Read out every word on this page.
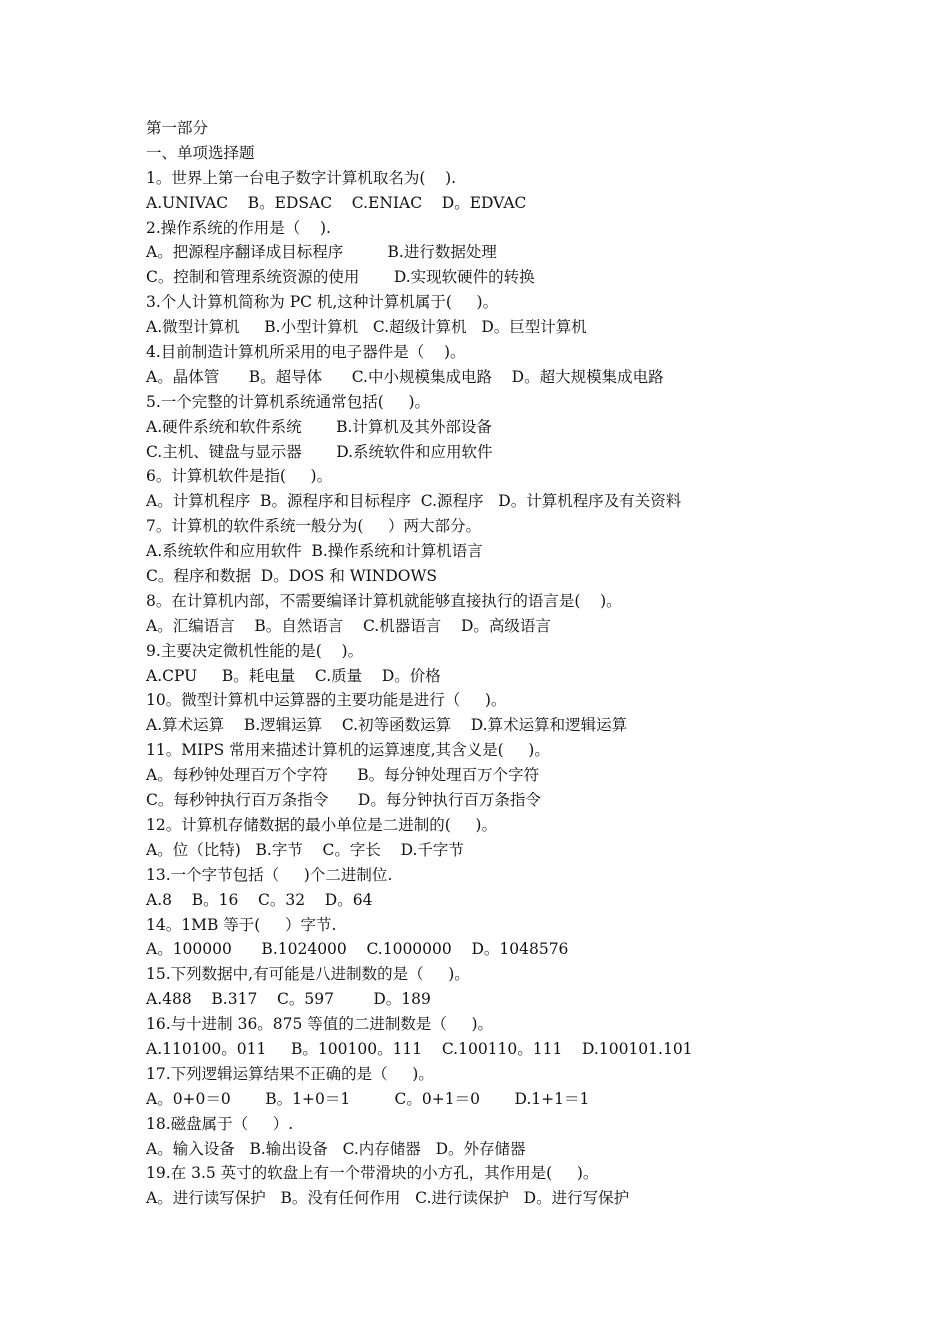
第一部分
一、单项选择题
1。世界上第一台电子数字计算机取名为(    ).
A.UNIVAC    B。EDSAC    C.ENIAC    D。EDVAC
2.操作系统的作用是（    ).
A。把源程序翻译成目标程序         B.进行数据处理
C。控制和管理系统资源的使用       D.实现软硬件的转换
3.个人计算机简称为 PC 机,这种计算机属于(     )。
A.微型计算机     B.小型计算机   C.超级计算机   D。巨型计算机
4.目前制造计算机所采用的电子器件是（    )。
A。晶体管      B。超导体      C.中小规模集成电路    D。超大规模集成电路
5.一个完整的计算机系统通常包括(     )。
A.硬件系统和软件系统       B.计算机及其外部设备
C.主机、键盘与显示器       D.系统软件和应用软件
6。计算机软件是指(     )。
A。计算机程序  B。源程序和目标程序  C.源程序   D。计算机程序及有关资料
7。计算机的软件系统一般分为(     ）两大部分。
A.系统软件和应用软件  B.操作系统和计算机语言
C。程序和数据  D。DOS 和 WINDOWS
8。在计算机内部，不需要编译计算机就能够直接执行的语言是(    )。
A。汇编语言    B。自然语言    C.机器语言    D。高级语言
9.主要决定微机性能的是(    )。
A.CPU     B。耗电量    C.质量    D。价格
10。微型计算机中运算器的主要功能是进行（     )。
A.算术运算    B.逻辑运算    C.初等函数运算    D.算术运算和逻辑运算
11。MIPS 常用来描述计算机的运算速度,其含义是(     )。
A。每秒钟处理百万个字符      B。每分钟处理百万个字符
C。每秒钟执行百万条指令      D。每分钟执行百万条指令
12。计算机存储数据的最小单位是二进制的(     )。
A。位（比特)   B.字节    C。字长    D.千字节
13.一个字节包括（     )个二进制位.
A.8    B。16    C。32    D。64
14。1MB 等于(     ）字节.
A。100000      B.1024000    C.1000000    D。1048576
15.下列数据中,有可能是八进制数的是（     )。
A.488    B.317    C。597        D。189
16.与十进制 36。875 等值的二进制数是（     )。
A.110100。011     B。100100。111    C.100110。111    D.100101.101
17.下列逻辑运算结果不正确的是（     )。
A。0+0＝0       B。1+0＝1         C。0+1＝0       D.1+1＝1
18.磁盘属于（     ）.
A。输入设备   B.输出设备   C.内存储器   D。外存储器
19.在 3.5 英寸的软盘上有一个带滑块的小方孔，其作用是(     )。
A。进行读写保护   B。没有任何作用   C.进行读保护   D。进行写保护
